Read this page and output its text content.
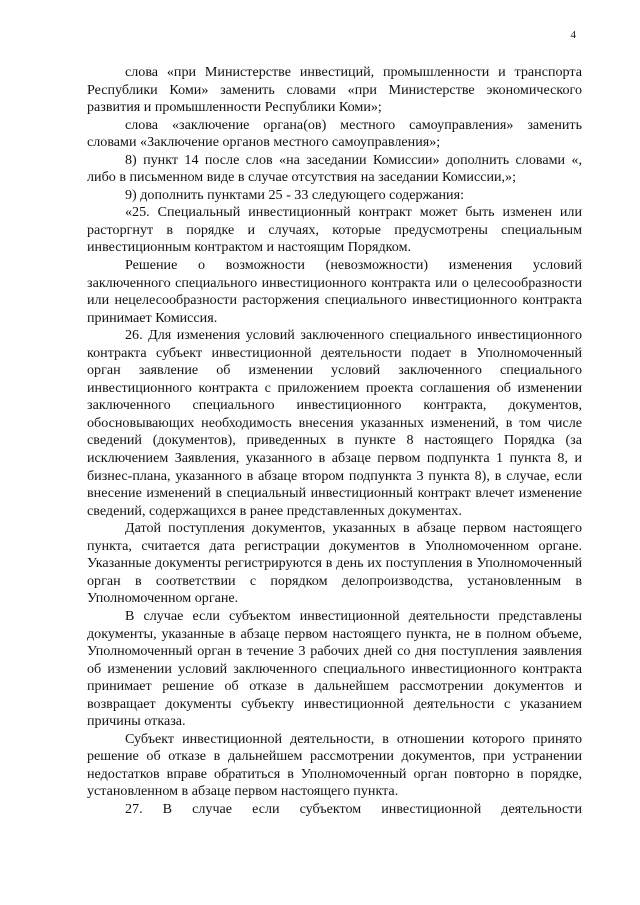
4

слова «при Министерстве инвестиций, промышленности и транспорта Республики Коми» заменить словами «при Министерстве экономического развития и промышленности Республики Коми»;

слова «заключение органа(ов) местного самоуправления» заменить словами «Заключение органов местного самоуправления»;

8) пункт 14 после слов «на заседании Комиссии» дополнить словами «, либо в письменном виде в случае отсутствия на заседании Комиссии,»;

9) дополнить пунктами 25 - 33 следующего содержания:

«25. Специальный инвестиционный контракт может быть изменен или расторгнут в порядке и случаях, которые предусмотрены специальным инвестиционным контрактом и настоящим Порядком.

Решение о возможности (невозможности) изменения условий заключенного специального инвестиционного контракта или о целесообразности или нецелесообразности расторжения специального инвестиционного контракта принимает Комиссия.

26. Для изменения условий заключенного специального инвестиционного контракта субъект инвестиционной деятельности подает в Уполномоченный орган заявление об изменении условий заключенного специального инвестиционного контракта с приложением проекта соглашения об изменении заключенного специального инвестиционного контракта, документов, обосновывающих необходимость внесения указанных изменений, в том числе сведений (документов), приведенных в пункте 8 настоящего Порядка (за исключением Заявления, указанного в абзаце первом подпункта 1 пункта 8, и бизнес-плана, указанного в абзаце втором подпункта 3 пункта 8), в случае, если внесение изменений в специальный инвестиционный контракт влечет изменение сведений, содержащихся в ранее представленных документах.

Датой поступления документов, указанных в абзаце первом настоящего пункта, считается дата регистрации документов в Уполномоченном органе. Указанные документы регистрируются в день их поступления в Уполномоченный орган в соответствии с порядком делопроизводства, установленным в Уполномоченном органе.

В случае если субъектом инвестиционной деятельности представлены документы, указанные в абзаце первом настоящего пункта, не в полном объеме, Уполномоченный орган в течение 3 рабочих дней со дня поступления заявления об изменении условий заключенного специального инвестиционного контракта принимает решение об отказе в дальнейшем рассмотрении документов и возвращает документы субъекту инвестиционной деятельности с указанием причины отказа.

Субъект инвестиционной деятельности, в отношении которого принято решение об отказе в дальнейшем рассмотрении документов, при устранении недостатков вправе обратиться в Уполномоченный орган повторно в порядке, установленном в абзаце первом настоящего пункта.

27. В случае если субъектом инвестиционной деятельности
